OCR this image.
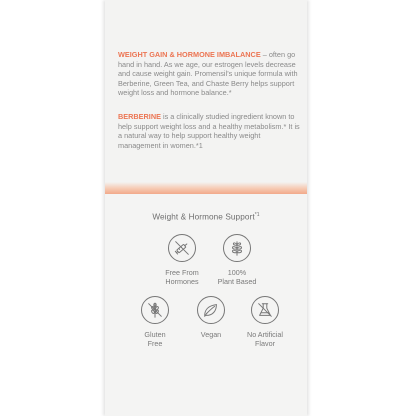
WEIGHT GAIN & HORMONE IMBALANCE – often go hand in hand. As we age, our estrogen levels decrease and cause weight gain. Promensil’s unique formula with Berberine, Green Tea, and Chaste Berry helps support weight loss and hormone balance.*

BERBERINE is a clinically studied ingredient known to help support weight loss and a healthy metabolism.* It is a natural way to help support healthy weight management in women.*1

Weight & Hormone Support$^{*1}$
Free From
Hormones
100%
Plant Based
Gluten
Free
Vegan	No Artificial
Flavor
